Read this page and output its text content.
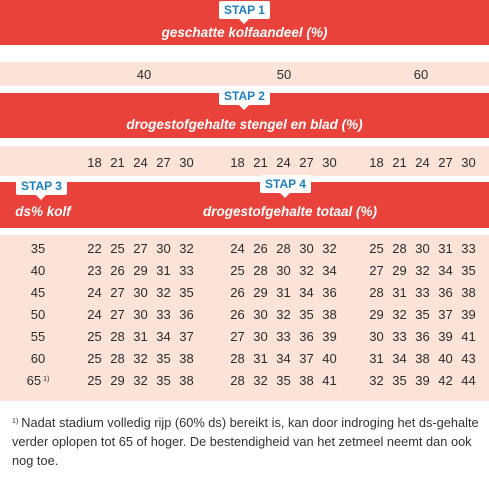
geschatte kolfaandeel (%)
STAP 1
40	50	60
drogestofgehalte stengel en blad (%)
STAP 2
18 21 24 27 30	18 21 24 27 30	18 21 24 27 30
ds% kolf	drogestofgehalte totaal (%)
STAP 3	STAP 4
35	22 25 27 30 32	24 26 28 30 32	25 28 30 31 33
40	23 26 29 31 33	25 28 30 32 34	27 29 32 34 35
45	24 27 30 32 35	26 29 31 34 36	28 31 33 36 38
50	24 27 30 33 36	26 30 32 35 38	29 32 35 37 39
55	25 28 31 34 37	27 30 33 36 39	30 33 36 39 41
60	25 28 32 35 38	28 31 34 37 40	31 34 38 40 43
65 $^{1)}$	25 29 32 35 38	28 32 35 38 41	32 35 39 42 44
$^{1)}$ Nadat stadium volledig rijp (60% ds) bereikt is, kan door indroging het ds-gehalte verder oplopen tot 65 of hoger. De bestendigheid van het zetmeel neemt dan ook nog toe.
